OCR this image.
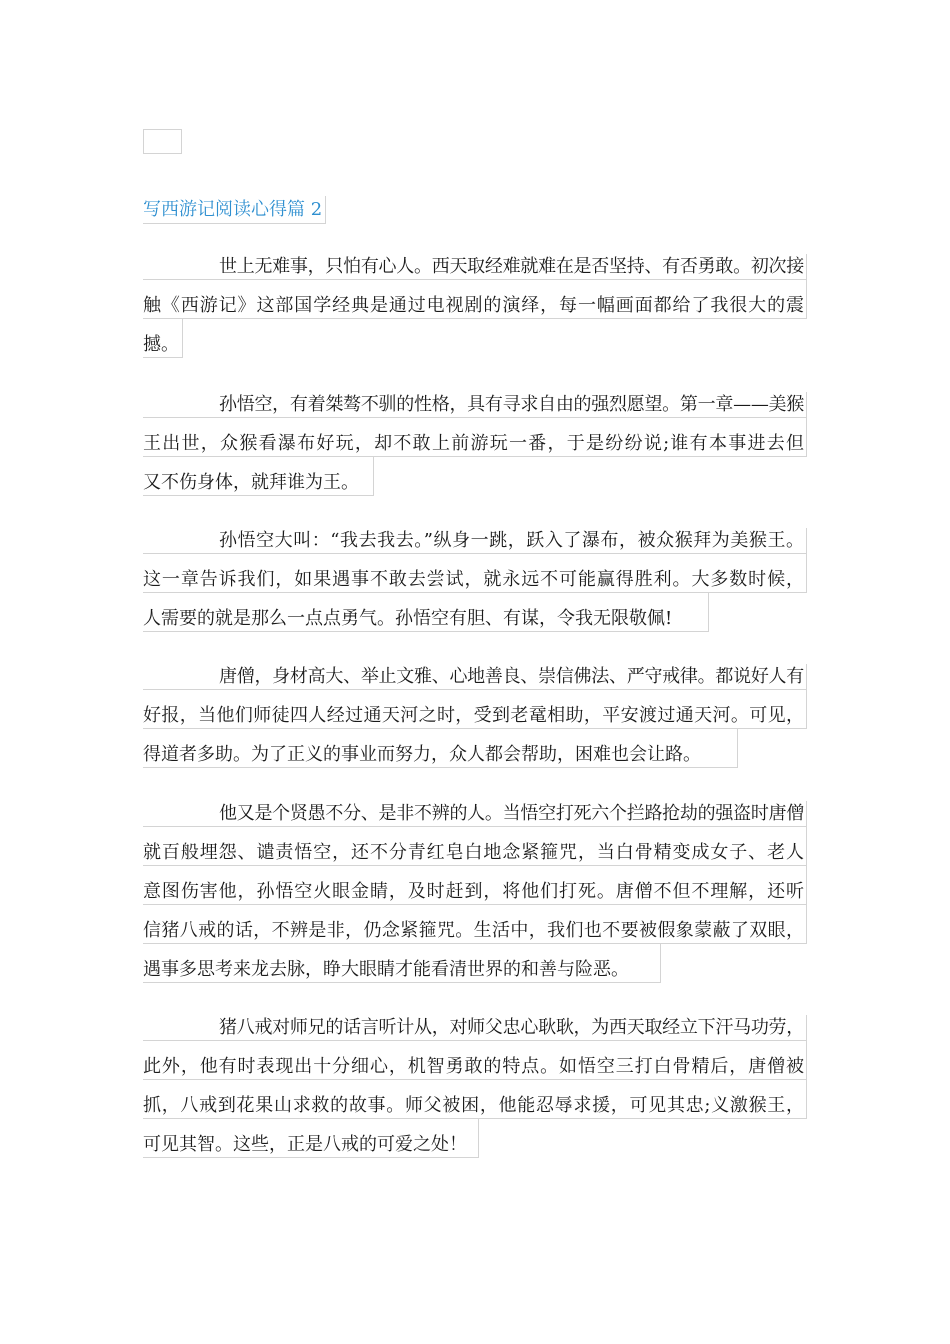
写西游记阅读心得篇 2
世上无难事，只怕有心人。西天取经难就难在是否坚持、有否勇敢。初次接
触《西游记》这部国学经典是通过电视剧的演绎，每一幅画面都给了我很大的震
撼。
孙悟空，有着桀骜不驯的性格，具有寻求自由的强烈愿望。第一章——美猴
王出世，众猴看瀑布好玩，却不敢上前游玩一番，于是纷纷说;谁有本事进去但
又不伤身体，就拜谁为王。
孙悟空大叫：“我去我去。”纵身一跳，跃入了瀑布，被众猴拜为美猴王。
这一章告诉我们，如果遇事不敢去尝试，就永远不可能赢得胜利。大多数时候，
人需要的就是那么一点点勇气。孙悟空有胆、有谋，令我无限敬佩!
唐僧，身材高大、举止文雅、心地善良、崇信佛法、严守戒律。都说好人有
好报，当他们师徒四人经过通天河之时，受到老鼋相助，平安渡过通天河。可见，
得道者多助。为了正义的事业而努力，众人都会帮助，困难也会让路。
他又是个贤愚不分、是非不辨的人。当悟空打死六个拦路抢劫的强盗时唐僧
就百般埋怨、谴责悟空，还不分青红皂白地念紧箍咒，当白骨精变成女子、老人
意图伤害他，孙悟空火眼金睛，及时赶到，将他们打死。唐僧不但不理解，还听
信猪八戒的话，不辨是非，仍念紧箍咒。生活中，我们也不要被假象蒙蔽了双眼，
遇事多思考来龙去脉，睁大眼睛才能看清世界的和善与险恶。
猪八戒对师兄的话言听计从，对师父忠心耿耿，为西天取经立下汗马功劳，
此外，他有时表现出十分细心，机智勇敢的特点。如悟空三打白骨精后，唐僧被
抓，八戒到花果山求救的故事。师父被困，他能忍辱求援，可见其忠;义激猴王，
可见其智。这些，正是八戒的可爱之处！
